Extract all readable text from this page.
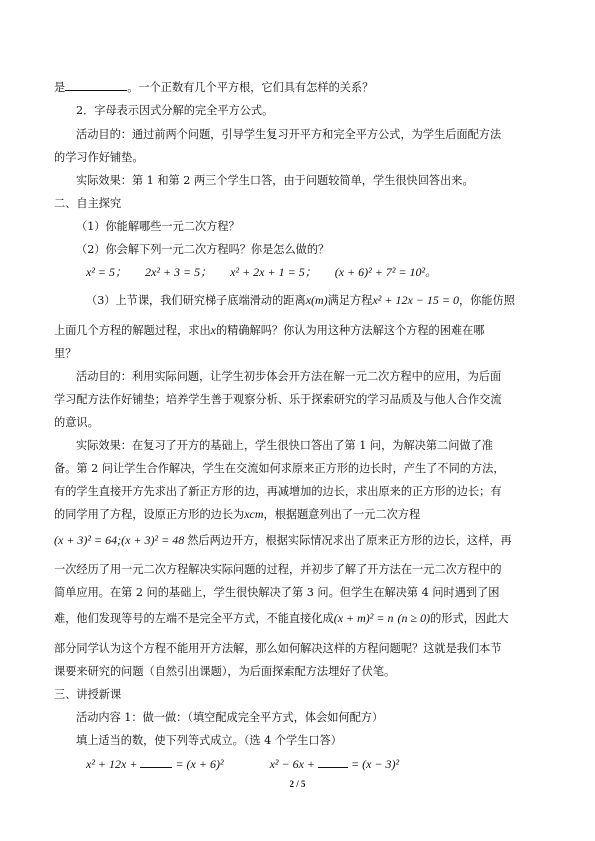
是	。一个正数有几个平方根，它们具有怎样的关系？
2．字母表示因式分解的完全平方公式。
活动目的：通过前两个问题，引导学生复习开平方和完全平方公式，为学生后面配方法
的学习作好铺垫。
实际效果：第 1 和第 2 两三个学生口答，由于问题较简单，学生很快回答出来。
二、自主探究
（1）你能解哪些一元二次方程？
（2）你会解下列一元二次方程吗？你是怎么做的？
x² = 5； 2x² + 3 = 5； x² + 2x + 1 = 5； (x + 6)² + 7² = 10²。
（3）上节课，我们研究梯子底端滑动的距离x(m)满足方程x² + 12x − 15 = 0，你能仿照
上面几个方程的解题过程，求出x的精确解吗？你认为用这种方法解这个方程的困难在哪
里？
活动目的：利用实际问题，让学生初步体会开方法在解一元二次方程中的应用，为后面
学习配方法作好铺垫；培养学生善于观察分析、乐于探索研究的学习品质及与他人合作交流
的意识。
实际效果：在复习了开方的基础上，学生很快口答出了第 1 问，为解决第二问做了准
备。第 2 问让学生合作解决，学生在交流如何求原来正方形的边长时，产生了不同的方法，
有的学生直接开方先求出了新正方形的边，再减增加的边长，求出原来的正方形的边长；有
的同学用了方程，设原正方形的边长为xcm，根据题意列出了一元二次方程
(x + 3)² = 64;(x + 3)² = 48 然后两边开方，根据实际情况求出了原来正方形的边长，这样，再
一次经历了用一元二次方程解决实际问题的过程，并初步了解了开方法在一元二次方程中的
简单应用。在第 2 问的基础上，学生很快解决了第 3 问。但学生在解决第 4 问时遇到了困
难，他们发现等号的左端不是完全平方式，不能直接化成(x + m)² = n (n ≥ 0)的形式，因此大
部分同学认为这个方程不能用开方法解，那么如何解决这样的方程问题呢？这就是我们本节
课要来研究的问题（自然引出课题），为后面探索配方法埋好了伏笔。
三、讲授新课
活动内容 1：做一做：（填空配成完全平方式，体会如何配方）
填上适当的数，使下列等式成立。（选 4 个学生口答）
x² + 12x +	= (x + 6)²	x² − 6x +	= (x − 3)²
2 / 5
